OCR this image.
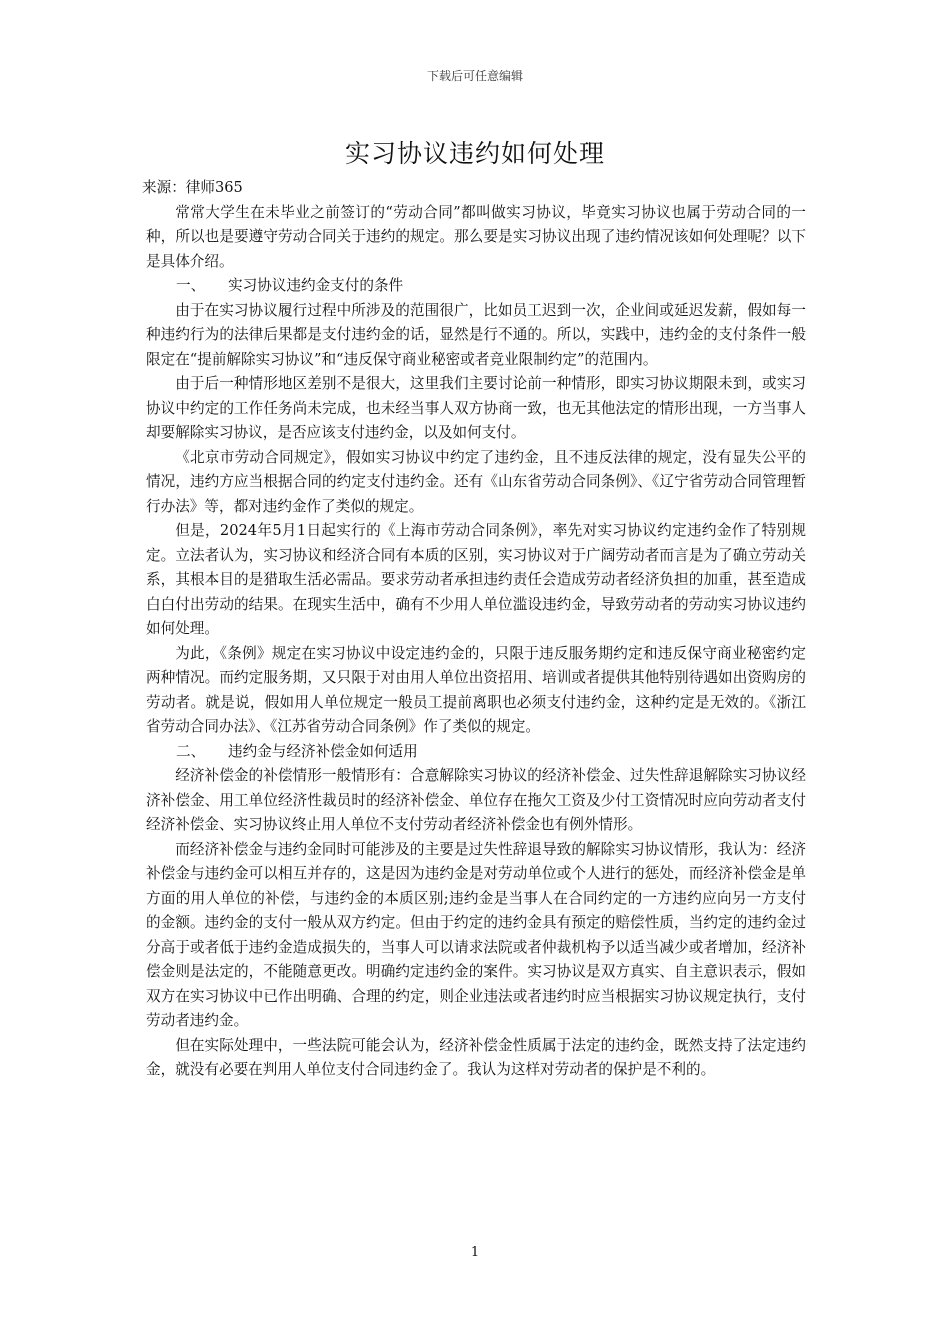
下载后可任意编辑
实习协议违约如何处理

来源：律师365

常常大学生在未毕业之前签订的“劳动合同”都叫做实习协议，毕竟实习协议也属于劳动合同的一种，所以也是要遵守劳动合同关于违约的规定。那么要是实习协议出现了违约情况该如何处理呢？以下是具体介绍。

一、 实习协议违约金支付的条件

由于在实习协议履行过程中所涉及的范围很广，比如员工迟到一次，企业间或延迟发薪，假如每一种违约行为的法律后果都是支付违约金的话，显然是行不通的。所以，实践中，违约金的支付条件一般限定在“提前解除实习协议”和“违反保守商业秘密或者竞业限制约定”的范围内。

由于后一种情形地区差别不是很大，这里我们主要讨论前一种情形，即实习协议期限未到，或实习协议中约定的工作任务尚未完成，也未经当事人双方协商一致，也无其他法定的情形出现，一方当事人却要解除实习协议，是否应该支付违约金，以及如何支付。

《北京市劳动合同规定》，假如实习协议中约定了违约金，且不违反法律的规定，没有显失公平的情况，违约方应当根据合同的约定支付违约金。还有《山东省劳动合同条例》、《辽宁省劳动合同管理暂行办法》等，都对违约金作了类似的规定。

但是，2024年5月1日起实行的《上海市劳动合同条例》，率先对实习协议约定违约金作了特别规定。立法者认为，实习协议和经济合同有本质的区别，实习协议对于广阔劳动者而言是为了确立劳动关系，其根本目的是猎取生活必需品。要求劳动者承担违约责任会造成劳动者经济负担的加重，甚至造成白白付出劳动的结果。在现实生活中，确有不少用人单位滥设违约金，导致劳动者的劳动实习协议违约如何处理。

为此，《条例》规定在实习协议中设定违约金的，只限于违反服务期约定和违反保守商业秘密约定两种情况。而约定服务期，又只限于对由用人单位出资招用、培训或者提供其他特别待遇如出资购房的劳动者。就是说，假如用人单位规定一般员工提前离职也必须支付违约金，这种约定是无效的。《浙江省劳动合同办法》、《江苏省劳动合同条例》作了类似的规定。

二、 违约金与经济补偿金如何适用

经济补偿金的补偿情形一般情形有：合意解除实习协议的经济补偿金、过失性辞退解除实习协议经济补偿金、用工单位经济性裁员时的经济补偿金、单位存在拖欠工资及少付工资情况时应向劳动者支付经济补偿金、实习协议终止用人单位不支付劳动者经济补偿金也有例外情形。

而经济补偿金与违约金同时可能涉及的主要是过失性辞退导致的解除实习协议情形，我认为：经济补偿金与违约金可以相互并存的，这是因为违约金是对劳动单位或个人进行的惩处，而经济补偿金是单方面的用人单位的补偿，与违约金的本质区别;违约金是当事人在合同约定的一方违约应向另一方支付的金额。违约金的支付一般从双方约定。但由于约定的违约金具有预定的赔偿性质，当约定的违约金过分高于或者低于违约金造成损失的，当事人可以请求法院或者仲裁机构予以适当减少或者增加，经济补偿金则是法定的，不能随意更改。明确约定违约金的案件。实习协议是双方真实、自主意识表示，假如双方在实习协议中已作出明确、合理的约定，则企业违法或者违约时应当根据实习协议规定执行，支付劳动者违约金。

但在实际处理中，一些法院可能会认为，经济补偿金性质属于法定的违约金，既然支持了法定违约金，就没有必要在判用人单位支付合同违约金了。我认为这样对劳动者的保护是不利的。

1
